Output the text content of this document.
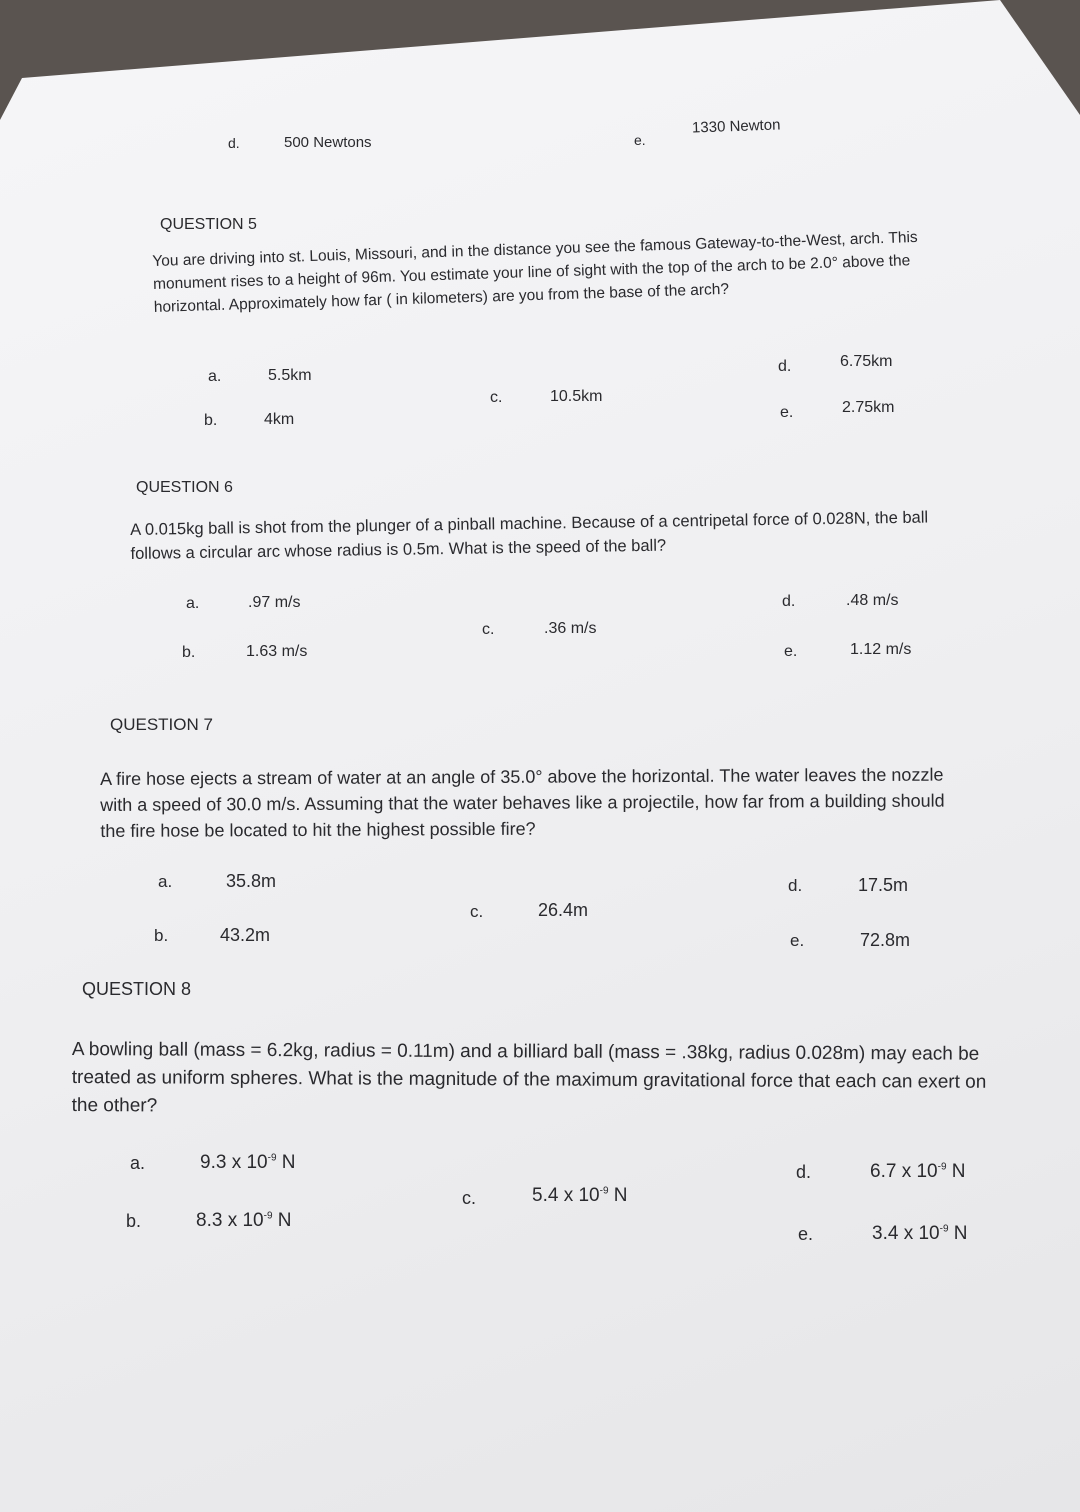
d.	500 Newtons	e.
1330 Newton
QUESTION 5
You are driving into st. Louis, Missouri, and in the distance you see the famous Gateway-to-the-West, arch. This monument rises to a height of 96m. You estimate your line of sight with the top of the arch to be 2.0° above the horizontal. Approximately how far ( in kilometers) are you from the base of the arch?
a.	5.5km
b.	4km
c.	10.5km
d.	6.75km
e.	2.75km
QUESTION 6
A 0.015kg ball is shot from the plunger of a pinball machine. Because of a centripetal force of 0.028N, the ball follows a circular arc whose radius is 0.5m. What is the speed of the ball?
a.	.97 m/s
b.	1.63 m/s
c.	.36 m/s
d.	.48 m/s
e.	1.12 m/s
QUESTION 7
A fire hose ejects a stream of water at an angle of 35.0° above the horizontal. The water leaves the nozzle with a speed of 30.0 m/s. Assuming that the water behaves like a projectile, how far from a building should the fire hose be located to hit the highest possible fire?
a.	35.8m
b.	43.2m
c.	26.4m
d.	17.5m
e.	72.8m
QUESTION 8
A bowling ball (mass = 6.2kg, radius = 0.11m) and a billiard ball (mass = .38kg, radius 0.028m) may each be treated as uniform spheres. What is the magnitude of the maximum gravitational force that each can exert on the other?
a.	9.3 x $10^{-9}$ N
b.	8.3 x $10^{-9}$ N
c.	5.4 x $10^{-9}$ N
d.	6.7 x $10^{-9}$ N
e.	3.4 x $10^{-9}$ N
